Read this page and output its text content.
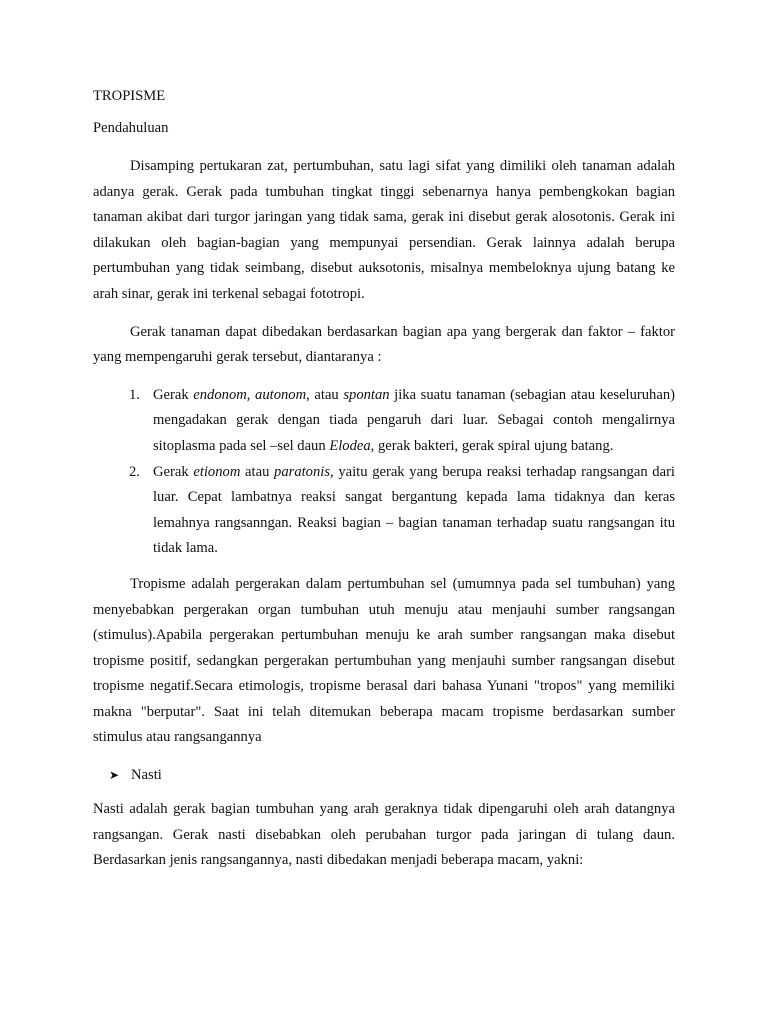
TROPISME

Pendahuluan

Disamping pertukaran zat, pertumbuhan, satu lagi sifat yang dimiliki oleh tanaman adalah adanya gerak. Gerak pada tumbuhan tingkat tinggi sebenarnya hanya pembengkokan bagian tanaman akibat dari turgor jaringan yang tidak sama, gerak ini disebut gerak alosotonis. Gerak ini dilakukan oleh bagian-bagian yang mempunyai persendian. Gerak lainnya adalah berupa pertumbuhan yang tidak seimbang, disebut auksotonis, misalnya membeloknya ujung batang ke arah sinar, gerak ini terkenal sebagai fototropi.

Gerak tanaman dapat dibedakan berdasarkan bagian apa yang bergerak dan faktor – faktor yang mempengaruhi gerak tersebut, diantaranya :

1. Gerak endonom, autonom, atau spontan jika suatu tanaman (sebagian atau keseluruhan) mengadakan gerak dengan tiada pengaruh dari luar. Sebagai contoh mengalirnya sitoplasma pada sel –sel daun Elodea, gerak bakteri, gerak spiral ujung batang.
2. Gerak etionom atau paratonis, yaitu gerak yang berupa reaksi terhadap rangsangan dari luar. Cepat lambatnya reaksi sangat bergantung kepada lama tidaknya dan keras lemahnya rangsanngan. Reaksi bagian – bagian tanaman terhadap suatu rangsangan itu tidak lama.

Tropisme adalah pergerakan dalam pertumbuhan sel (umumnya pada sel tumbuhan) yang menyebabkan pergerakan organ tumbuhan utuh menuju atau menjauhi sumber rangsangan (stimulus).Apabila pergerakan pertumbuhan menuju ke arah sumber rangsangan maka disebut tropisme positif, sedangkan pergerakan pertumbuhan yang menjauhi sumber rangsangan disebut tropisme negatif.Secara etimologis, tropisme berasal dari bahasa Yunani "tropos" yang memiliki makna "berputar". Saat ini telah ditemukan beberapa macam tropisme berdasarkan sumber stimulus atau rangsangannya

➤ Nasti

Nasti adalah gerak bagian tumbuhan yang arah geraknya tidak dipengaruhi oleh arah datangnya rangsangan. Gerak nasti disebabkan oleh perubahan turgor pada jaringan di tulang daun. Berdasarkan jenis rangsangannya, nasti dibedakan menjadi beberapa macam, yakni:
